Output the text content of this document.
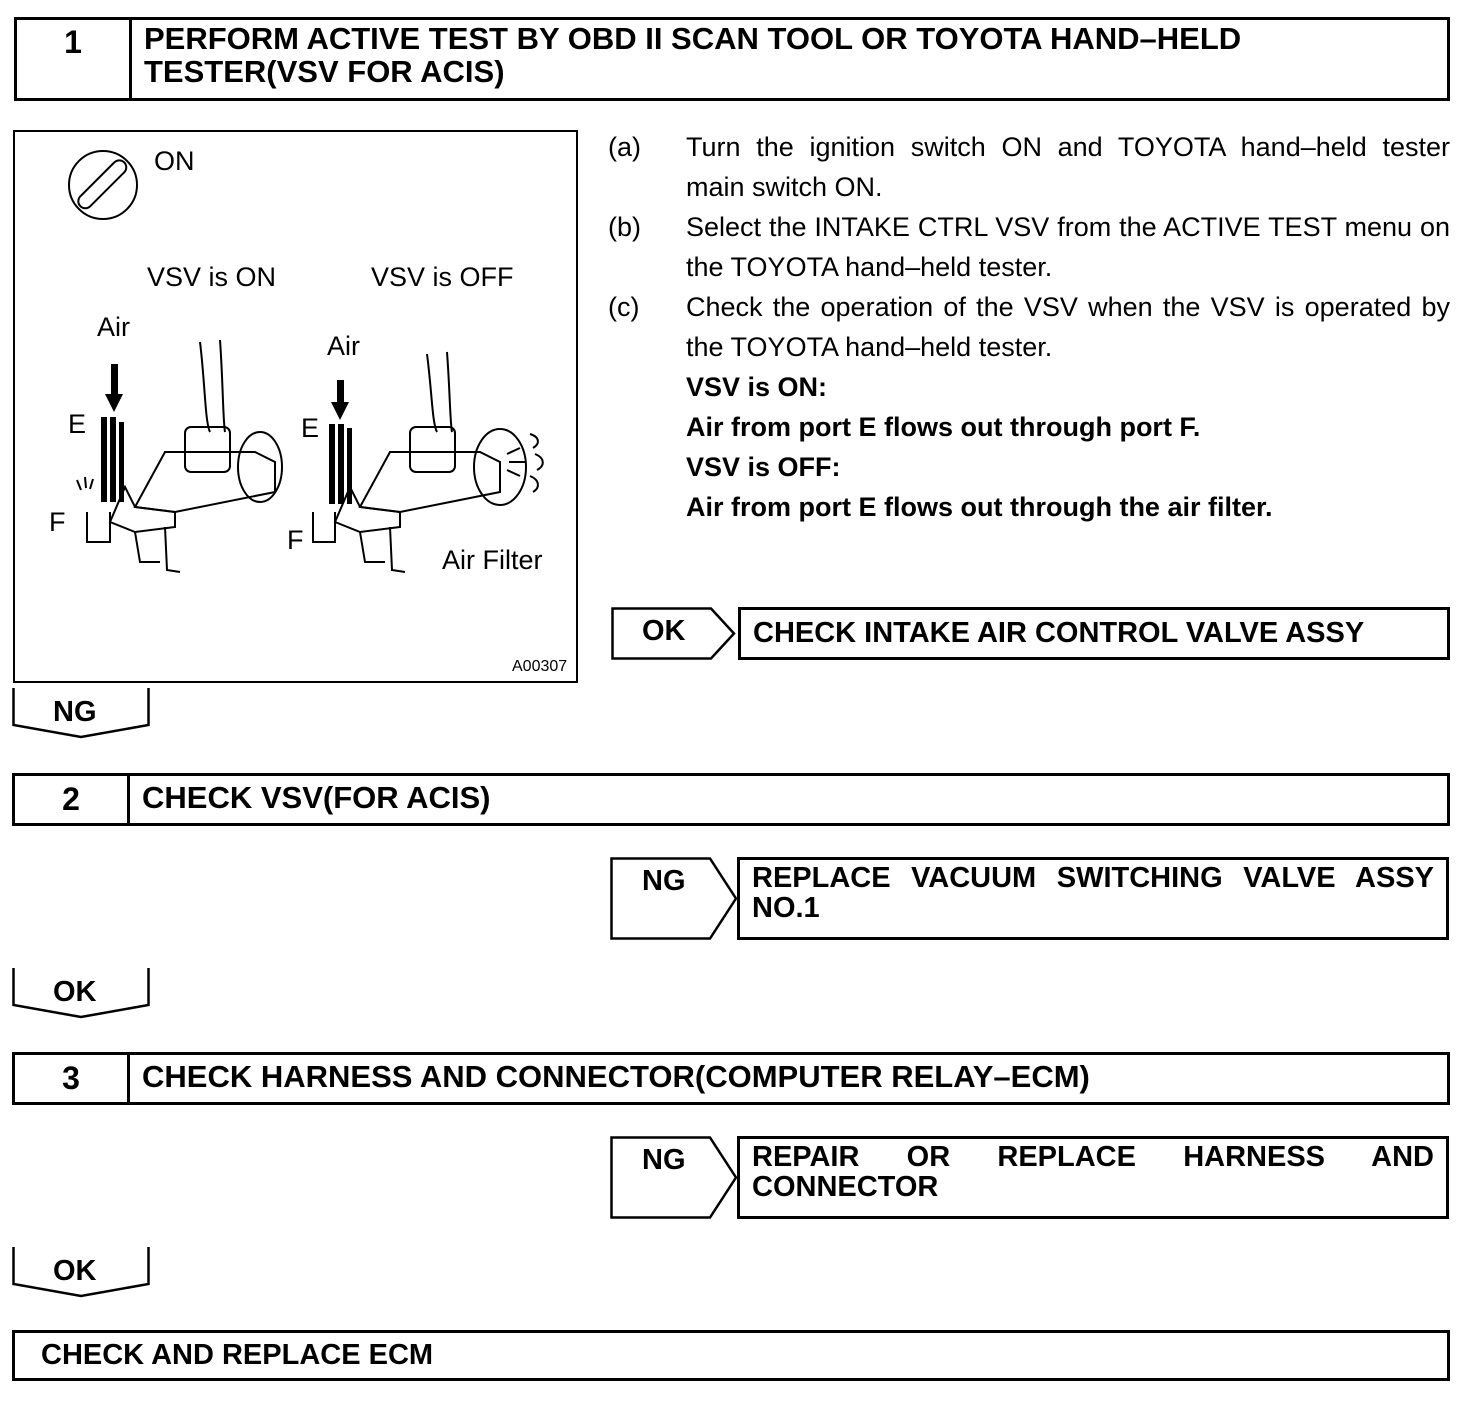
1	PERFORM ACTIVE TEST BY OBD II SCAN TOOL OR TOYOTA HAND–HELD
TESTER(VSV FOR ACIS)
ON
VSV is ON	VSV is OFF
Air
Air
E	E
F
F
Air Filter
A00307
(a)	Turn the ignition switch ON and TOYOTA hand–held tester main switch ON.
(b)	Select the INTAKE CTRL VSV from the ACTIVE TEST menu on the TOYOTA hand–held tester.
(c)	Check the operation of the VSV when the VSV is operated by the TOYOTA hand–held tester.
VSV is ON:
Air from port E flows out through port F.
VSV is OFF:
Air from port E flows out through the air filter.
OK	CHECK INTAKE AIR CONTROL VALVE ASSY
NG
2	CHECK VSV(FOR ACIS)
NG REPLACE VACUUM SWITCHING VALVE ASSY
NO.1
OK
3	CHECK HARNESS AND CONNECTOR(COMPUTER RELAY–ECM)
NG REPAIR OR REPLACE HARNESS AND
CONNECTOR
OK
CHECK AND REPLACE ECM
